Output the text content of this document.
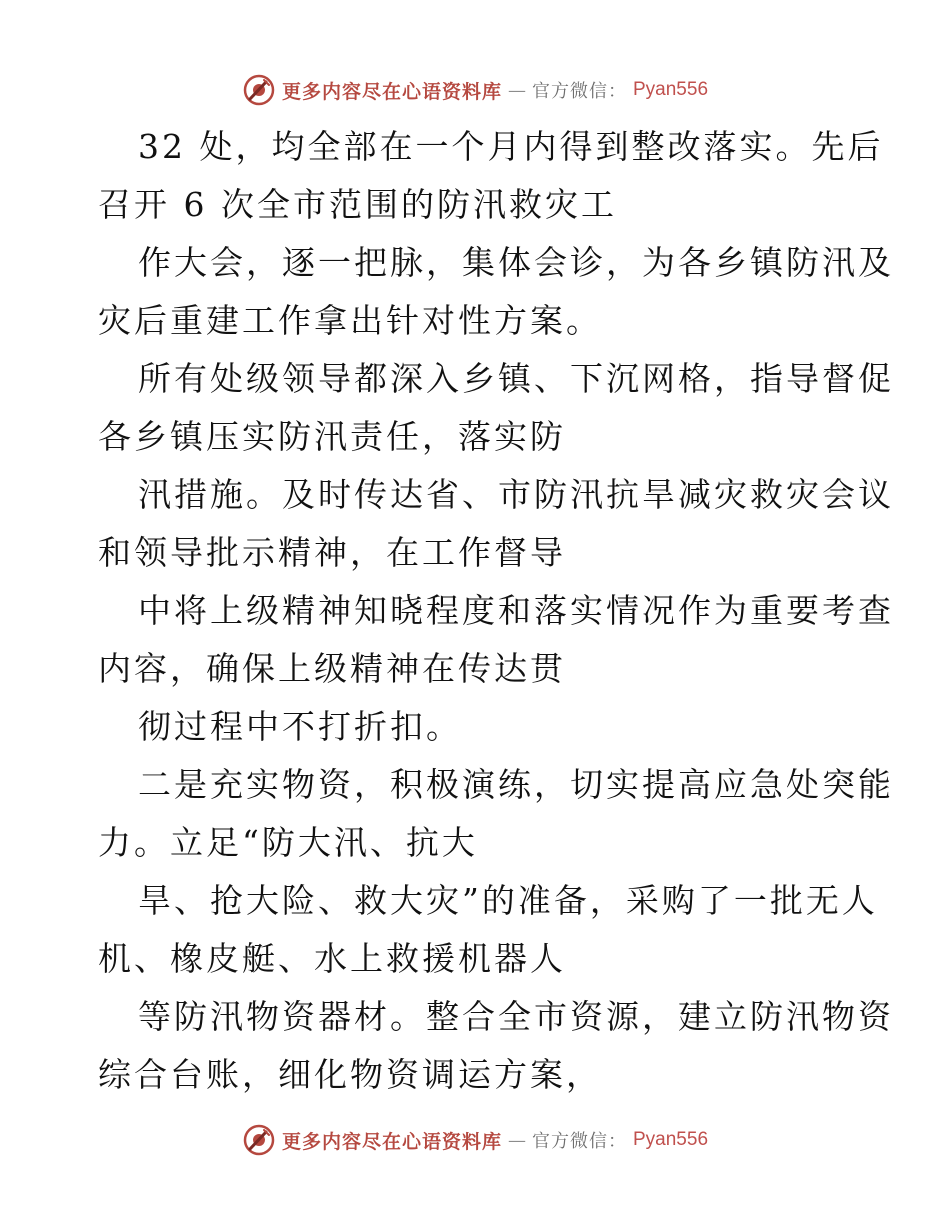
更多内容尽在心语资料库 — 官方微信： Pyan556
32 处，均全部在一个月内得到整改落实。先后
召开 6 次全市范围的防汛救灾工
作大会，逐一把脉，集体会诊，为各乡镇防汛及
灾后重建工作拿出针对性方案。
所有处级领导都深入乡镇、下沉网格，指导督促
各乡镇压实防汛责任，落实防
汛措施。及时传达省、市防汛抗旱减灾救灾会议
和领导批示精神，在工作督导
中将上级精神知晓程度和落实情况作为重要考查
内容，确保上级精神在传达贯
彻过程中不打折扣。
二是充实物资，积极演练，切实提高应急处突能
力。立足“防大汛、抗大
旱、抢大险、救大灾”的准备，采购了一批无人
机、橡皮艇、水上救援机器人
等防汛物资器材。整合全市资源，建立防汛物资
综合台账，细化物资调运方案，
更多内容尽在心语资料库 — 官方微信： Pyan556
